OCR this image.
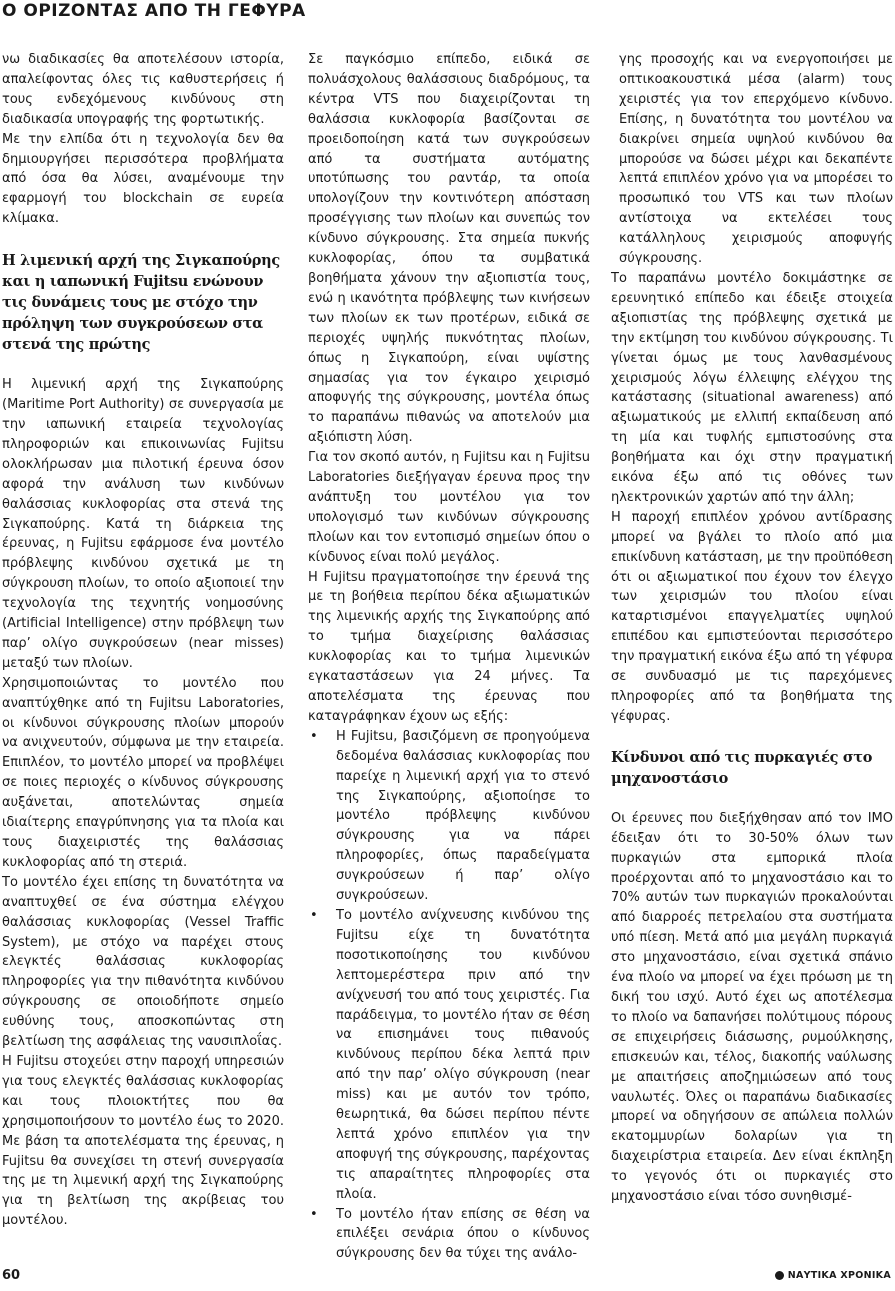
Ο ΟΡΙΖΟΝΤΑΣ ΑΠΟ ΤΗ ΓΕΦΥΡΑ

νω διαδικασίες θα αποτελέσουν ιστορία, απαλείφοντας όλες τις καθυστερήσεις ή τους ενδεχόμενους κινδύνους στη διαδικασία υπογραφής της φορτωτικής.

Με την ελπίδα ότι η τεχνολογία δεν θα δημιουργήσει περισσότερα προβλήματα από όσα θα λύσει, αναμένουμε την εφαρμογή του blockchain σε ευρεία κλίμακα.

Η λιμενική αρχή της Σιγκαπούρης και η ιαπωνική Fujitsu ενώνουν τις δυνάμεις τους με στόχο την πρόληψη των συγκρούσεων στα στενά της πρώτης

Η λιμενική αρχή της Σιγκαπούρης (Maritime Port Authority) σε συνεργασία με την ιαπωνική εταιρεία τεχνολογίας πληροφοριών και επικοινωνίας Fujitsu ολοκλήρωσαν μια πιλοτική έρευνα όσον αφορά την ανάλυση των κινδύνων θαλάσσιας κυκλοφορίας στα στενά της Σιγκαπούρης. Κατά τη διάρκεια της έρευνας, η Fujitsu εφάρμοσε ένα μοντέλο πρόβλεψης κινδύνου σχετικά με τη σύγκρουση πλοίων, το οποίο αξιοποιεί την τεχνολογία της τεχνητής νοημοσύνης (Artificial Intelligence) στην πρόβλεψη των παρ’ ολίγο συγκρούσεων (near misses) μεταξύ των πλοίων.

Χρησιμοποιώντας το μοντέλο που αναπτύχθηκε από τη Fujitsu Laboratories, οι κίνδυνοι σύγκρουσης πλοίων μπορούν να ανιχνευτούν, σύμφωνα με την εταιρεία. Επιπλέον, το μοντέλο μπορεί να προβλέψει σε ποιες περιοχές ο κίνδυνος σύγκρουσης αυξάνεται, αποτελώντας σημεία ιδιαίτερης επαγρύπνησης για τα πλοία και τους διαχειριστές της θαλάσσιας κυκλοφορίας από τη στεριά.

Το μοντέλο έχει επίσης τη δυνατότητα να αναπτυχθεί σε ένα σύστημα ελέγχου θαλάσσιας κυκλοφορίας (Vessel Traffic System), με στόχο να παρέχει στους ελεγκτές θαλάσσιας κυκλοφορίας πληροφορίες για την πιθανότητα κινδύνου σύγκρουσης σε οποιοδήποτε σημείο ευθύνης τους, αποσκοπώντας στη βελτίωση της ασφάλειας της ναυσιπλοΐας.

Η Fujitsu στοχεύει στην παροχή υπηρεσιών για τους ελεγκτές θαλάσσιας κυκλοφορίας και τους πλοιοκτήτες που θα χρησιμοποιήσουν το μοντέλο έως το 2020. Με βάση τα αποτελέσματα της έρευνας, η Fujitsu θα συνεχίσει τη στενή συνεργασία της με τη λιμενική αρχή της Σιγκαπούρης για τη βελτίωση της ακρίβειας του μοντέλου.

Σε παγκόσμιο επίπεδο, ειδικά σε πολυάσχολους θαλάσσιους διαδρόμους, τα κέντρα VTS που διαχειρίζονται τη θαλάσσια κυκλοφορία βασίζονται σε προειδοποίηση κατά των συγκρούσεων από τα συστήματα αυτόματης υποτύπωσης του ραντάρ, τα οποία υπολογίζουν την κοντινότερη απόσταση προσέγγισης των πλοίων και συνεπώς τον κίνδυνο σύγκρουσης. Στα σημεία πυκνής κυκλοφορίας, όπου τα συμβατικά βοηθήματα χάνουν την αξιοπιστία τους, ενώ η ικανότητα πρόβλεψης των κινήσεων των πλοίων εκ των προτέρων, ειδικά σε περιοχές υψηλής πυκνότητας πλοίων, όπως η Σιγκαπούρη, είναι υψίστης σημασίας για τον έγκαιρο χειρισμό αποφυγής της σύγκρουσης, μοντέλα όπως το παραπάνω πιθανώς να αποτελούν μια αξιόπιστη λύση.

Για τον σκοπό αυτόν, η Fujitsu και η Fujitsu Laboratories διεξήγαγαν έρευνα προς την ανάπτυξη του μοντέλου για τον υπολογισμό των κινδύνων σύγκρουσης πλοίων και τον εντοπισμό σημείων όπου ο κίνδυνος είναι πολύ μεγάλος.

Η Fujitsu πραγματοποίησε την έρευνά της με τη βοήθεια περίπου δέκα αξιωματικών της λιμενικής αρχής της Σιγκαπούρης από το τμήμα διαχείρισης θαλάσσιας κυκλοφορίας και το τμήμα λιμενικών εγκαταστάσεων για 24 μήνες. Τα αποτελέσματα της έρευνας που καταγράφηκαν έχουν ως εξής:

• Η Fujitsu, βασιζόμενη σε προηγούμενα δεδομένα θαλάσσιας κυκλοφορίας που παρείχε η λιμενική αρχή για το στενό της Σιγκαπούρης, αξιοποίησε το μοντέλο πρόβλεψης κινδύνου σύγκρουσης για να πάρει πληροφορίες, όπως παραδείγματα συγκρούσεων ή παρ’ ολίγο συγκρούσεων.
• Το μοντέλο ανίχνευσης κινδύνου της Fujitsu είχε τη δυνατότητα ποσοτικοποίησης του κινδύνου λεπτομερέστερα πριν από την ανίχνευσή του από τους χειριστές. Για παράδειγμα, το μοντέλο ήταν σε θέση να επισημάνει τους πιθανούς κινδύνους περίπου δέκα λεπτά πριν από την παρ’ ολίγο σύγκρουση (near miss) και με αυτόν τον τρόπο, θεωρητικά, θα δώσει περίπου πέντε λεπτά χρόνο επιπλέον για την αποφυγή της σύγκρουσης, παρέχοντας τις απαραίτητες πληροφορίες στα πλοία.
• Το μοντέλο ήταν επίσης σε θέση να επιλέξει σενάρια όπου ο κίνδυνος σύγκρουσης δεν θα τύχει της ανάλο-

γης προσοχής και να ενεργοποιήσει με οπτικοακουστικά μέσα (alarm) τους χειριστές για τον επερχόμενο κίνδυνο. Επίσης, η δυνατότητα του μοντέλου να διακρίνει σημεία υψηλού κινδύνου θα μπορούσε να δώσει μέχρι και δεκαπέντε λεπτά επιπλέον χρόνο για να μπορέσει το προσωπικό του VTS και των πλοίων αντίστοιχα να εκτελέσει τους κατάλληλους χειρισμούς αποφυγής σύγκρουσης.

Το παραπάνω μοντέλο δοκιμάστηκε σε ερευνητικό επίπεδο και έδειξε στοιχεία αξιοπιστίας της πρόβλεψης σχετικά με την εκτίμηση του κινδύνου σύγκρουσης. Τι γίνεται όμως με τους λανθασμένους χειρισμούς λόγω έλλειψης ελέγχου της κατάστασης (situational awareness) από αξιωματικούς με ελλιπή εκπαίδευση από τη μία και τυφλής εμπιστοσύνης στα βοηθήματα και όχι στην πραγματική εικόνα έξω από τις οθόνες των ηλεκτρονικών χαρτών από την άλλη;

Η παροχή επιπλέον χρόνου αντίδρασης μπορεί να βγάλει το πλοίο από μια επικίνδυνη κατάσταση, με την προϋπόθεση ότι οι αξιωματικοί που έχουν τον έλεγχο των χειρισμών του πλοίου είναι καταρτισμένοι επαγγελματίες υψηλού επιπέδου και εμπιστεύονται περισσότερο την πραγματική εικόνα έξω από τη γέφυρα σε συνδυασμό με τις παρεχόμενες πληροφορίες από τα βοηθήματα της γέφυρας.

Κίνδυνοι από τις πυρκαγιές στο μηχανοστάσιο

Οι έρευνες που διεξήχθησαν από τον IMO έδειξαν ότι το 30-50% όλων των πυρκαγιών στα εμπορικά πλοία προέρχονται από το μηχανοστάσιο και το 70% αυτών των πυρκαγιών προκαλούνται από διαρροές πετρελαίου στα συστήματα υπό πίεση. Μετά από μια μεγάλη πυρκαγιά στο μηχανοστάσιο, είναι σχετικά σπάνιο ένα πλοίο να μπορεί να έχει πρόωση με τη δική του ισχύ. Αυτό έχει ως αποτέλεσμα το πλοίο να δαπανήσει πολύτιμους πόρους σε επιχειρήσεις διάσωσης, ρυμούλκησης, επισκευών και, τέλος, διακοπής ναύλωσης με απαιτήσεις αποζημιώσεων από τους ναυλωτές. Όλες οι παραπάνω διαδικασίες μπορεί να οδηγήσουν σε απώλεια πολλών εκατομμυρίων δολαρίων για τη διαχειρίστρια εταιρεία. Δεν είναι έκπληξη το γεγονός ότι οι πυρκαγιές στο μηχανοστάσιο είναι τόσο συνηθισμέ-

60	ΝΑΥΤΙΚΑ ΧΡΟΝΙΚΑ
